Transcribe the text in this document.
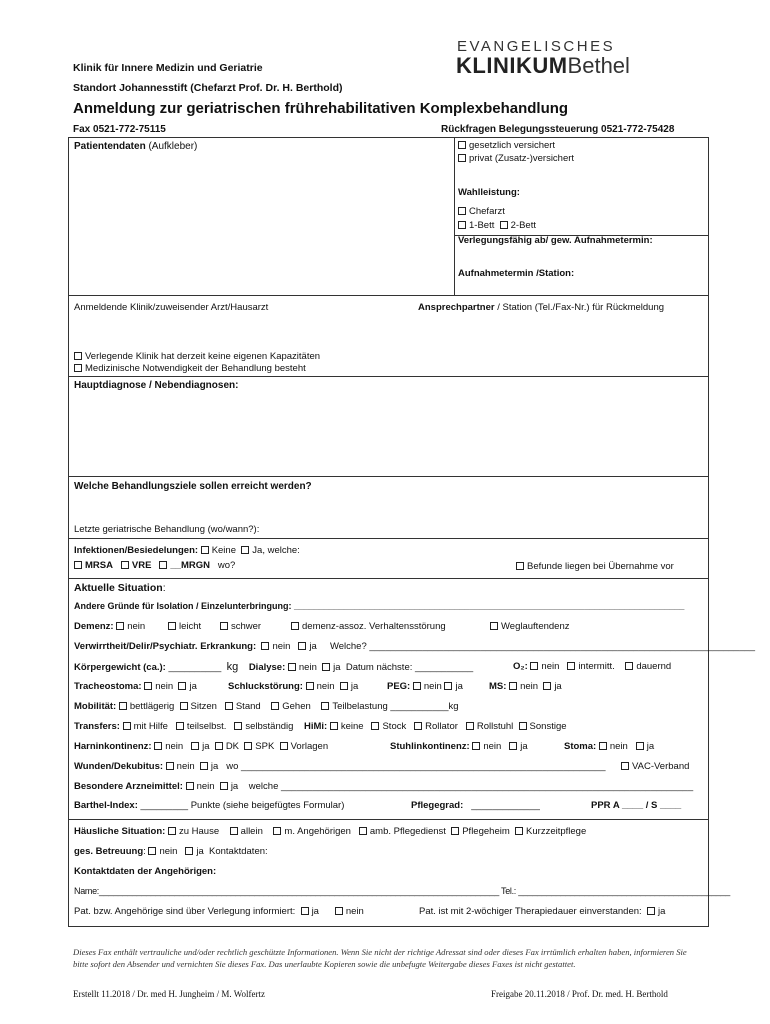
Klinik für Innere Medizin und Geriatrie
Standort Johannesstift (Chefarzt Prof. Dr. H. Berthold)
Anmeldung zur geriatrischen frührehabilitativen Komplexbehandlung
Fax 0521-772-75115	Rückfragen Belegungssteuerung 0521-772-75428
EVANGELISCHES
KLINIKUMBethel
Patientendaten (Aufkleber)	gesetzlich versichert
privat (Zusatz-)versichert
Wahlleistung:
Chefarzt
1-Bett 2-Bett
Verlegungsfähig ab/ gew. Aufnahmetermin:
Aufnahmetermin /Station:
Anmeldende Klinik/zuweisender Arzt/Hausarzt	Ansprechpartner / Station (Tel./Fax-Nr.) für Rückmeldung
Verlegende Klinik hat derzeit keine eigenen Kapazitäten
Medizinische Notwendigkeit der Behandlung besteht
Hauptdiagnose / Nebendiagnosen:
Welche Behandlungsziele sollen erreicht werden?
Letzte geriatrische Behandlung (wo/wann?):
Infektionen/Besiedelungen: Keine Ja, welche:
MRSA VRE __MRGN wo?	Befunde liegen bei Übernahme vor
Aktuelle Situation:
Andere Gründe für Isolation / Einzelunterbringung: ______________________________________________________________________________
Demenz: nein	leicht	schwer	demenz-assoz. Verhaltensstörung	Weglauftendenz
Verwirrtheit/Delir/Psychiatr. Erkrankung: nein ja Welche? _________________________________________________________________________
Körpergewicht (ca.): __________ kg Dialyse: nein ja Datum nächste: ___________	O₂: nein intermitt. dauernd
Tracheostoma: nein ja	Schluckstörung: nein ja	PEG: nein ja	MS: nein ja
Mobilität: bettlägerig Sitzen Stand Gehen Teilbelastung ___________kg
Transfers: mit Hilfe teilselbst. selbständig HiMi: keine Stock Rollator Rollstuhl Sonstige
Harninkontinenz: nein ja DK SPK Vorlagen	Stuhlinkontinenz: nein ja	Stoma: nein ja
Wunden/Dekubitus: nein ja wo _____________________________________________________________________	VAC-Verband
Besondere Arzneimittel: nein ja welche ______________________________________________________________________________
Barthel-Index: _________ Punkte (siehe beigefügtes Formular)	Pflegegrad: _____________	PPR A ____ / S ____
Häusliche Situation: zu Hause allein m. Angehörigen amb. Pflegedienst Pflegeheim Kurzzeitpflege
ges. Betreuung: nein ja Kontaktdaten:
Kontaktdaten der Angehörigen:
Name:_____________________________________________________________________________________ Tel.: _____________________________________________
Pat. bzw. Angehörige sind über Verlegung informiert: ja	nein	Pat. ist mit 2-wöchiger Therapiedauer einverstanden: ja
Dieses Fax enthält vertrauliche und/oder rechtlich geschützte Informationen. Wenn Sie nicht der richtige Adressat sind oder dieses Fax irrtümlich erhalten haben, informieren Sie bitte sofort den Absender und vernichten Sie dieses Fax. Das unerlaubte Kopieren sowie die unbefugte Weitergabe dieses Faxes ist nicht gestattet.
Erstellt 11.2018 / Dr. med H. Jungheim / M. Wolfertz	Freigabe 20.11.2018 / Prof. Dr. med. H. Berthold
